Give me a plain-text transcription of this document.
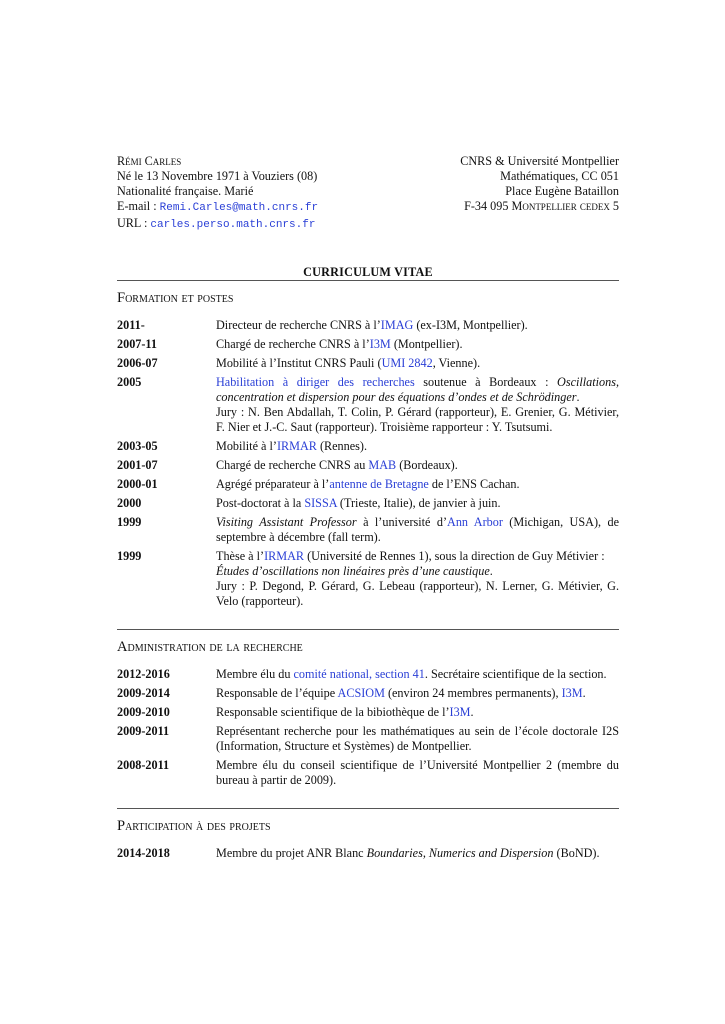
Rémi Carles
Né le 13 Novembre 1971 à Vouziers (08)
Nationalité française. Marié
E-mail : Remi.Carles@math.cnrs.fr
URL : carles.perso.math.cnrs.fr
CNRS & Université Montpellier
Mathématiques, CC 051
Place Eugène Bataillon
F-34 095 Montpellier cedex 5
CURRICULUM VITAE
Formation et postes
2011-	Directeur de recherche CNRS à l’IMAG (ex-I3M, Montpellier).
2007-11	Chargé de recherche CNRS à l’I3M (Montpellier).
2006-07	Mobilité à l’Institut CNRS Pauli (UMI 2842, Vienne).
2005	Habilitation à diriger des recherches soutenue à Bordeaux : Oscillations, concentration et dispersion pour des équations d’ondes et de Schrödinger.
Jury : N. Ben Abdallah, T. Colin, P. Gérard (rapporteur), E. Grenier, G. Métivier, F. Nier et J.-C. Saut (rapporteur). Troisième rapporteur : Y. Tsutsumi.
2003-05	Mobilité à l’IRMAR (Rennes).
2001-07	Chargé de recherche CNRS au MAB (Bordeaux).
2000-01	Agrégé préparateur à l’antenne de Bretagne de l’ENS Cachan.
2000	Post-doctorat à la SISSA (Trieste, Italie), de janvier à juin.
1999	Visiting Assistant Professor à l’université d’Ann Arbor (Michigan, USA), de septembre à décembre (fall term).
1999	Thèse à l’IRMAR (Université de Rennes 1), sous la direction de Guy Métivier :
Études d’oscillations non linéaires près d’une caustique.
Jury : P. Degond, P. Gérard, G. Lebeau (rapporteur), N. Lerner, G. Métivier, G. Velo (rapporteur).
Administration de la recherche
2012-2016	Membre élu du comité national, section 41. Secrétaire scientifique de la section.
2009-2014	Responsable de l’équipe ACSIOM (environ 24 membres permanents), I3M.
2009-2010	Responsable scientifique de la bibiothèque de l’I3M.
2009-2011	Représentant recherche pour les mathématiques au sein de l’école doctorale I2S (Information, Structure et Systèmes) de Montpellier.
2008-2011	Membre élu du conseil scientifique de l’Université Montpellier 2 (membre du bureau à partir de 2009).
Participation à des projets
2014-2018	Membre du projet ANR Blanc Boundaries, Numerics and Dispersion (BoND).
